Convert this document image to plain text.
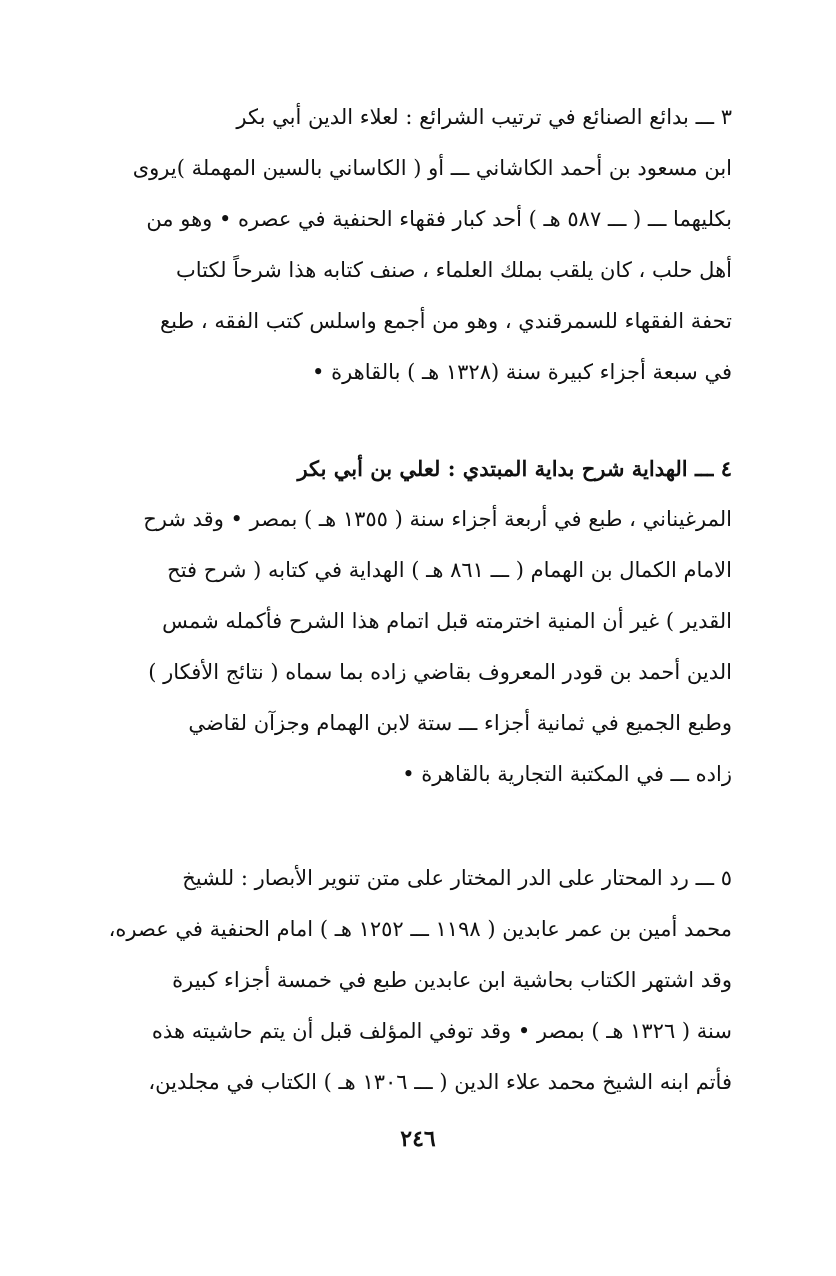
٣ ـــ بدائع الصنائع في ترتيب الشرائع : لعلاء الدين أبي بكر
ابن مسعود بن أحمد الكاشاني ـــ أو ( الكاساني بالسين المهملة )يروى
بكليهما ـــ ( ـــ ٥٨٧ هـ ) أحد كبار فقهاء الحنفية في عصره • وهو من
أهل حلب ، كان يلقب بملك العلماء ، صنف كتابه هذا شرحاً لكتاب
تحفة الفقهاء للسمرقندي ، وهو من أجمع واسلس كتب الفقه ، طبع
في سبعة أجزاء كبيرة سنة (١٣٢٨ هـ ) بالقاهرة •
٤ ـــ الهداية شرح بداية المبتدي : لعلي بن أبي بكر
المرغيناني ، طبع في أربعة أجزاء سنة ( ١٣٥٥ هـ ) بمصر • وقد شرح
الامام الكمال بن الهمام ( ـــ ٨٦١ هـ ) الهداية في كتابه ( شرح فتح
القدير ) غير أن المنية اخترمته قبل اتمام هذا الشرح فأكمله شمس
الدين أحمد بن قودر المعروف بقاضي زاده بما سماه ( نتائج الأفكار )
وطبع الجميع في ثمانية أجزاء ـــ ستة لابن الهمام وجزآن لقاضي
زاده ـــ في المكتبة التجارية بالقاهرة •
٥ ـــ رد المحتار على الدر المختار على متن تنوير الأبصار : للشيخ
محمد أمين بن عمر عابدين ( ١١٩٨ ـــ ١٢٥٢ هـ ) امام الحنفية في عصره،
وقد اشتهر الكتاب بحاشية ابن عابدين طبع في خمسة أجزاء كبيرة
سنة ( ١٣٢٦ هـ ) بمصر • وقد توفي المؤلف قبل أن يتم حاشيته هذه
فأتم ابنه الشيخ محمد علاء الدين ( ـــ ١٣٠٦ هـ ) الكتاب في مجلدين،
٢٤٦
